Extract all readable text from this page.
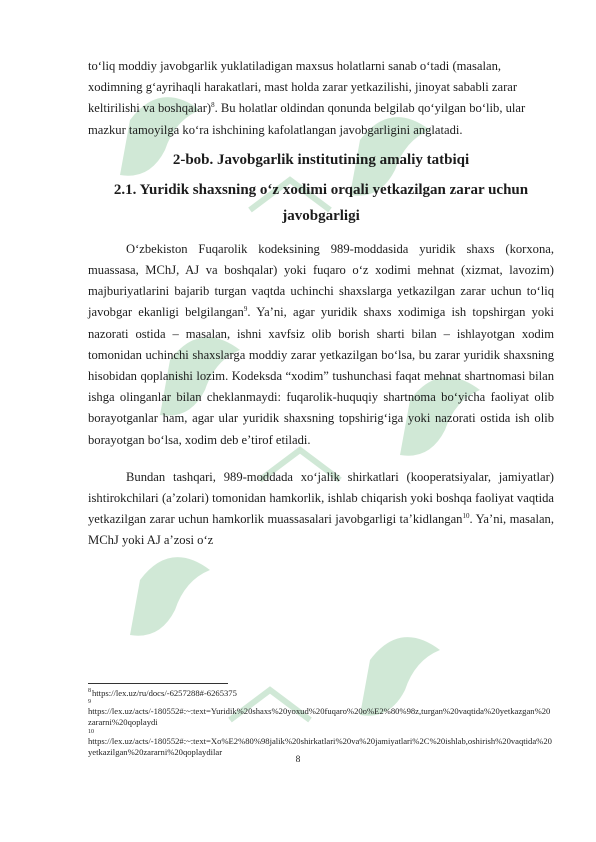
to‘liq moddiy javobgarlik yuklatiladigan maxsus holatlarni sanab o‘tadi (masalan, xodimning g‘ayrihaqli harakatlari, mast holda zarar yetkazilishi, jinoyat sababli zarar keltirilishi va boshqalar)$^8$. Bu holatlar oldindan qonunda belgilab qo‘yilgan bo‘lib, ular mazkur tamoyilga ko‘ra ishchining kafolatlangan javobgarligini anglatadi.

2-bob. Javobgarlik institutining amaliy tatbiqi
2.1. Yuridik shaxsning o‘z xodimi orqali yetkazilgan zarar uchun javobgarligi

O‘zbekiston Fuqarolik kodeksining 989-moddasida yuridik shaxs (korxona, muassasa, MChJ, AJ va boshqalar) yoki fuqaro o‘z xodimi mehnat (xizmat, lavozim) majburiyatlarini bajarib turgan vaqtda uchinchi shaxslarga yetkazilgan zarar uchun to‘liq javobgar ekanligi belgilangan$^9$. Ya’ni, agar yuridik shaxs xodimiga ish topshirgan yoki nazorati ostida – masalan, ishni xavfsiz olib borish sharti bilan – ishlayotgan xodim tomonidan uchinchi shaxslarga moddiy zarar yetkazilgan bo‘lsa, bu zarar yuridik shaxsning hisobidan qoplanishi lozim. Kodeksda “xodim” tushunchasi faqat mehnat shartnomasi bilan ishga olinganlar bilan cheklanmaydi: fuqarolik-huquqiy shartnoma bo‘yicha faoliyat olib borayotganlar ham, agar ular yuridik shaxsning topshirig‘iga yoki nazorati ostida ish olib borayotgan bo‘lsa, xodim deb e’tirof etiladi.

Bundan tashqari, 989-moddada xo‘jalik shirkatlari (kooperatsiyalar, jamiyatlar) ishtirokchilari (a’zolari) tomonidan hamkorlik, ishlab chiqarish yoki boshqa faoliyat vaqtida yetkazilgan zarar uchun hamkorlik muassasalari javobgarligi ta’kidlangan$^{10}$. Ya’ni, masalan, MChJ yoki AJ a’zosi o‘z

$^8$https://lex.uz/ru/docs/-6257288#-6265375

9
https://lex.uz/acts/-180552#:~:text=Yuridik%20shaxs%20yoxud%20fuqaro%20o%E2%80%98z,turgan%20vaqtida%20yetkazgan%20zararni%20qoplaydi

10
https://lex.uz/acts/-180552#:~:text=Xo%E2%80%98jalik%20shirkatlari%20va%20jamiyatlari%2C%20ishlab,oshirish%20vaqtida%20yetkazilgan%20zararni%20qoplaydilar

8
